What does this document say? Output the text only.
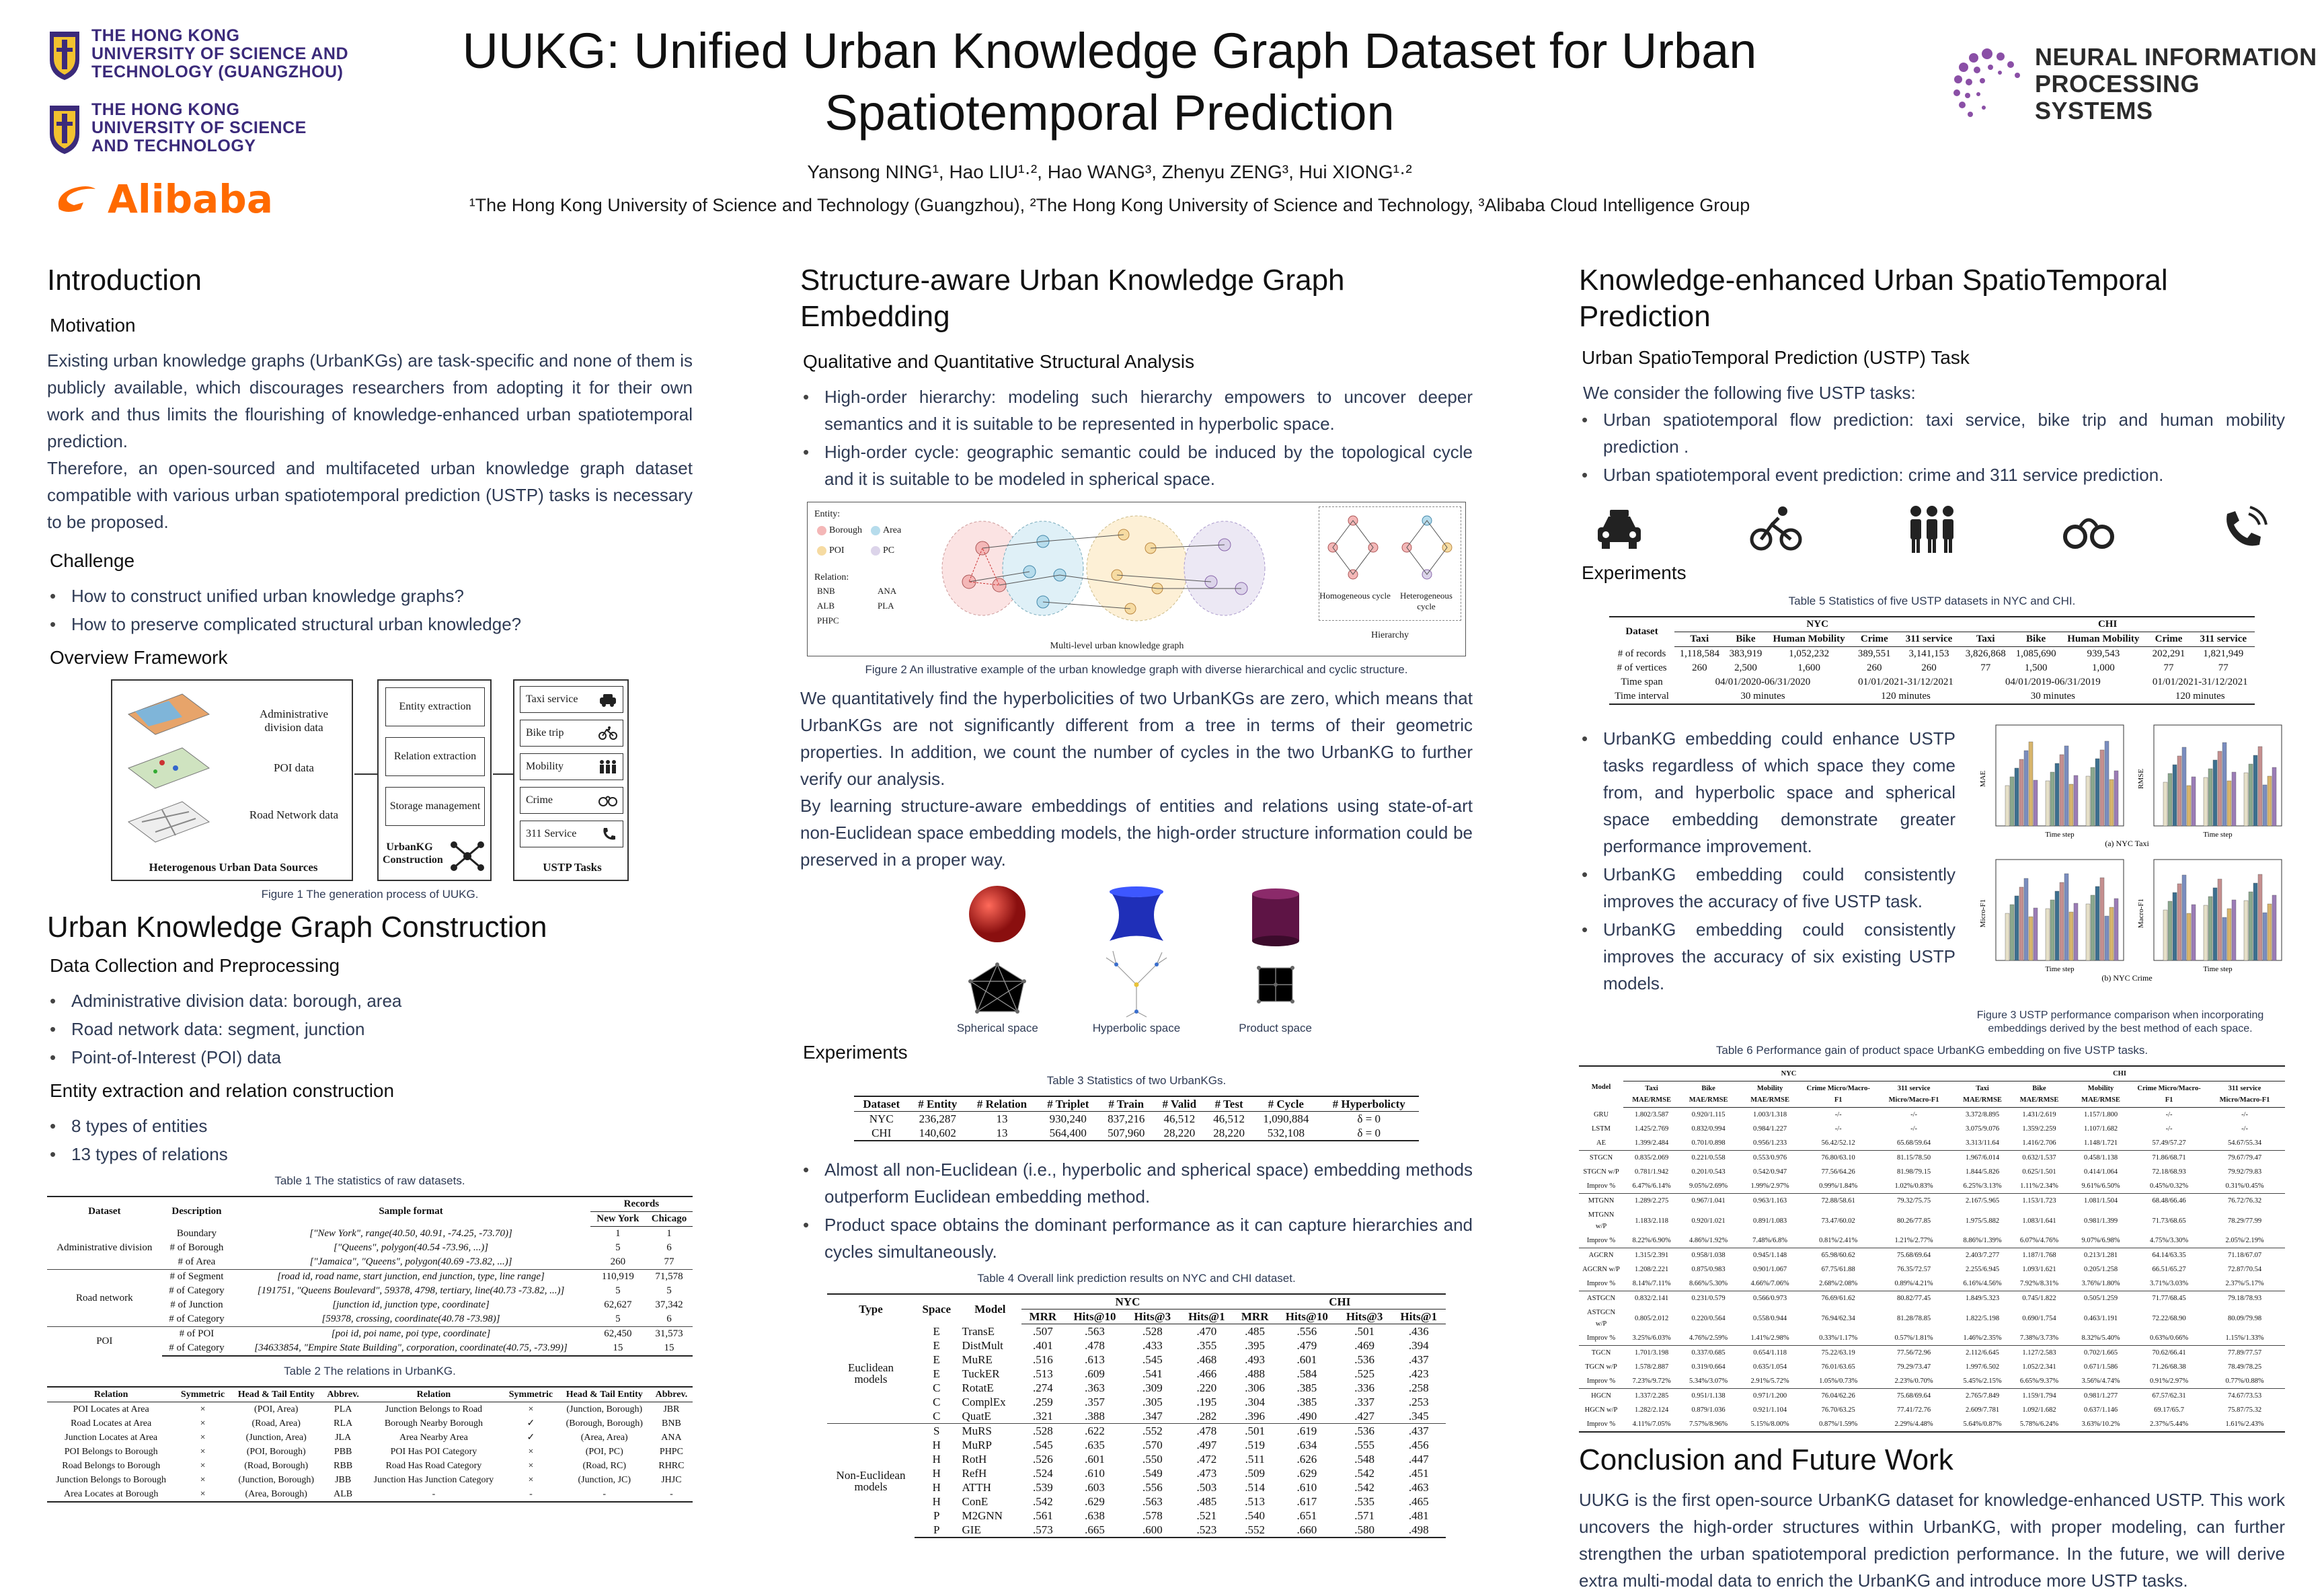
THE HONG KONG
UNIVERSITY OF SCIENCE AND
TECHNOLOGY (GUANGZHOU)
THE HONG KONG
UNIVERSITY OF SCIENCE
AND TECHNOLOGY
Alibaba
UUKG: Unified Urban Knowledge Graph Dataset for Urban
Spatiotemporal Prediction
Yansong NING¹, Hao LIU¹·², Hao WANG³, Zhenyu ZENG³, Hui XIONG¹·²
¹The Hong Kong University of Science and Technology (Guangzhou), ²The Hong Kong University of Science and Technology, ³Alibaba Cloud Intelligence Group
NEURAL INFORMATION
PROCESSING SYSTEMS
Introduction
Motivation

Existing urban knowledge graphs (UrbanKGs) are task-specific and none of them is publicly available, which discourages researchers from adopting it for their own work and thus limits the flourishing of knowledge-enhanced urban spatiotemporal prediction.

Therefore, an open-sourced and multifaceted urban knowledge graph dataset compatible with various urban spatiotemporal prediction (USTP) tasks is necessary to be proposed.

Challenge
• How to construct unified urban knowledge graphs?
• How to preserve complicated structural urban knowledge?
Overview Framework
Administrative division data
POI data
Road Network data
Heterogenous Urban Data Sources
Entity extraction
Relation extraction
Storage management
UrbanKG Construction
Taxi service
Bike trip
Mobility
Crime
311 Service
USTP Tasks
Figure 1 The generation process of UUKG.
Urban Knowledge Graph Construction
Data Collection and Preprocessing
• Administrative division data: borough, area
• Road network data: segment, junction
• Point-of-Interest (POI) data
Entity extraction and relation construction
• 8 types of entities
• 13 types of relations
Table 1 The statistics of raw datasets.
Dataset	Description	Sample format	Records	
			New York	Chicago
Administrative division	Boundary	["New York", range(40.50, 40.91, -74.25, -73.70)]	1	1
	# of Borough	["Queens", polygon(40.54 -73.96, ...)]	5	6
	# of Area	["Jamaica", "Queens", polygon(40.69 -73.82, ...)]	260	77
Road network	# of Segment	[road id, road name, start junction, end junction, type, line range]	110,919	71,578
	# of Category	[191751, "Queens Boulevard", 59378, 4798, tertiary, line(40.73 -73.82, ...)]	5	5
	# of Junction	[junction id, junction type, coordinate]	62,627	37,342
	# of Category	[59378, crossing, coordinate(40.78 -73.98)]	5	6
POI	# of POI	[poi id, poi name, poi type, coordinate]	62,450	31,573
	# of Category	[34633854, "Empire State Building", corporation, coordinate(40.75, -73.99)]	15	15
Table 2 The relations in UrbanKG.
Relation	Symmetric	Head & Tail Entity	Abbrev.	Relation	Symmetric	Head & Tail Entity	Abbrev.
POI Locates at Area	×	(POI, Area)	PLA	Junction Belongs to Road	×	(Junction, Borough)	JBR
Road Locates at Area	×	(Road, Area)	RLA	Borough Nearby Borough	✓	(Borough, Borough)	BNB
Junction Locates at Area	×	(Junction, Area)	JLA	Area Nearby Area	✓	(Area, Area)	ANA
POI Belongs to Borough	×	(POI, Borough)	PBB	POI Has POI Category	×	(POI, PC)	PHPC
Road Belongs to Borough	×	(Road, Borough)	RBB	Road Has Road Category	×	(Road, RC)	RHRC
Junction Belongs to Borough	×	(Junction, Borough)	JBB	Junction Has Junction Category	×	(Junction, JC)	JHJC
Area Locates at Borough	×	(Area, Borough)	ALB	-	-	-	-
Structure-aware Urban Knowledge Graph Embedding
Qualitative and Quantitative Structural Analysis
• High-order hierarchy: modeling such hierarchy empowers to uncover deeper semantics and it is suitable to be represented in hyperbolic space.
• High-order cycle: geographic semantic could be induced by the topological cycle and it is suitable to be modeled in spherical space.
Entity:
Borough	Area
POI	PC
Relation:
BNB	ANA
ALB	PLA
PHPC
Multi-level urban knowledge graph
Homogeneous cycle	Heterogeneous cycle
Hierarchy
Figure 2 An illustrative example of the urban knowledge graph with diverse hierarchical and cyclic structure.

We quantitatively find the hyperbolicities of two UrbanKGs are zero, which means that UrbanKGs are not significantly different from a tree in terms of their geometric properties. In addition, we count the number of cycles in the two UrbanKG to further verify our analysis.

By learning structure-aware embeddings of entities and relations using state-of-art non-Euclidean space embedding models, the high-order structure information could be preserved in a proper way.

Spherical space	Hyperbolic space	Product space
Experiments
Table 3 Statistics of two UrbanKGs.
Dataset	# Entity	# Relation	# Triplet	# Train	# Valid	# Test	# Cycle	# Hyperbolicty
NYC	236,287	13	930,240	837,216	46,512	46,512	1,090,884	δ = 0
CHI	140,602	13	564,400	507,960	28,220	28,220	532,108	δ = 0
• Almost all non-Euclidean (i.e., hyperbolic and spherical space) embedding methods outperform Euclidean embedding method.
• Product space obtains the dominant performance as it can capture hierarchies and cycles simultaneously.
Table 4 Overall link prediction results on NYC and CHI dataset.
Type	Space	Model	NYC				CHI			
			MRR	Hits@10	Hits@3	Hits@1	MRR	Hits@10	Hits@3	Hits@1
Euclidean models	E	TransE	.507	.563	.528	.470	.485	.556	.501	.436
	E	DistMult	.401	.478	.433	.355	.395	.479	.469	.394
	E	MuRE	.516	.613	.545	.468	.493	.601	.536	.437
	E	TuckER	.513	.609	.541	.466	.488	.584	.525	.423
	C	RotatE	.274	.363	.309	.220	.306	.385	.336	.258
	C	ComplEx	.259	.357	.305	.195	.304	.385	.337	.253
	C	QuatE	.321	.388	.347	.282	.396	.490	.427	.345
Non-Euclidean models	S	MuRS	.528	.622	.552	.478	.501	.619	.536	.437
	H	MuRP	.545	.635	.570	.497	.519	.634	.555	.456
	H	RotH	.526	.601	.550	.472	.511	.626	.548	.447
	H	RefH	.524	.610	.549	.473	.509	.629	.542	.451
	H	ATTH	.539	.603	.556	.503	.514	.610	.542	.463
	H	ConE	.542	.629	.563	.485	.513	.617	.535	.465
	P	M2GNN	.561	.638	.578	.521	.540	.651	.571	.481
	P	GIE	.573	.665	.600	.523	.552	.660	.580	.498
Knowledge-enhanced Urban SpatioTemporal
Prediction
Urban SpatioTemporal Prediction (USTP) Task

We consider the following five USTP tasks:

• Urban spatiotemporal flow prediction: taxi service, bike trip and human mobility prediction .
• Urban spatiotemporal event prediction: crime and 311 service prediction.
Experiments
Table 5 Statistics of five USTP datasets in NYC and CHI.
Dataset	NYC					CHI				
	Taxi	Bike	Human Mobility	Crime	311 service	Taxi	Bike	Human Mobility	Crime	311 service
# of records	1,118,584	383,919	1,052,232	389,551	3,141,153	3,826,868	1,085,690	939,543	202,291	1,821,949
# of vertices	260	2,500	1,600	260	260	77	1,500	1,000	77	77
Time span	04/01/2020-06/31/2020			01/01/2021-31/12/2021		04/01/2019-06/31/2019			01/01/2021-31/12/2021	
Time interval	30 minutes			120 minutes		30 minutes			120 minutes	
• UrbanKG embedding could enhance USTP tasks regardless of which space they come from, and hyperbolic space and spherical space embedding demonstrate greater performance improvement.
• UrbanKG embedding could consistently improves the accuracy of five USTP task.
• UrbanKG embedding could consistently improves the accuracy of six existing USTP models.
MAE
Time step
RMSE
Time step
Micro-F1
Time step
Macro-F1
Time step
(a) NYC Taxi
(b) NYC Crime
Figure 3 USTP performance comparison when incorporating embeddings derived by the best method of each space.
Table 6 Performance gain of product space UrbanKG embedding on five USTP tasks.
Model	NYC					CHI				
	Taxi MAE/RMSE	Bike MAE/RMSE	Mobility MAE/RMSE	Crime Micro/Macro-F1	311 service Micro/Macro-F1	Taxi MAE/RMSE	Bike MAE/RMSE	Mobility MAE/RMSE	Crime Micro/Macro-F1	311 service Micro/Macro-F1
GRU	1.802/3.587	0.920/1.115	1.003/1.318	-/-	-/-	3.372/8.895	1.431/2.619	1.157/1.800	-/-	-/-
LSTM	1.425/2.769	0.832/0.994	0.984/1.227	-/-	-/-	3.075/9.076	1.359/2.259	1.107/1.682	-/-	-/-
AE	1.399/2.484	0.701/0.898	0.956/1.233	56.42/52.12	65.68/59.64	3.313/11.64	1.416/2.706	1.148/1.721	57.49/57.27	54.67/55.34
STGCN	0.835/2.069	0.221/0.558	0.553/0.976	76.80/63.10	81.15/78.50	1.967/6.014	0.632/1.537	0.458/1.138	71.86/68.71	79.67/79.47
STGCN w/P	0.781/1.942	0.201/0.543	0.542/0.947	77.56/64.26	81.98/79.15	1.844/5.826	0.625/1.501	0.414/1.064	72.18/68.93	79.92/79.83
Improv %	6.47%/6.14%	9.05%/2.69%	1.99%/2.97%	0.99%/1.84%	1.02%/0.83%	6.25%/3.13%	1.11%/2.34%	9.61%/6.50%	0.45%/0.32%	0.31%/0.45%
MTGNN	1.289/2.275	0.967/1.041	0.963/1.163	72.88/58.61	79.32/75.75	2.167/5.965	1.153/1.723	1.081/1.504	68.48/66.46	76.72/76.32
MTGNN w/P	1.183/2.118	0.920/1.021	0.891/1.083	73.47/60.02	80.26/77.85	1.975/5.882	1.083/1.641	0.981/1.399	71.73/68.65	78.29/77.99
Improv %	8.22%/6.90%	4.86%/1.92%	7.48%/6.8%	0.81%/2.41%	1.21%/2.77%	8.86%/1.39%	6.07%/4.76%	9.07%/6.98%	4.75%/3.30%	2.05%/2.19%
AGCRN	1.315/2.391	0.958/1.038	0.945/1.148	65.98/60.62	75.68/69.64	2.403/7.277	1.187/1.768	0.213/1.281	64.14/63.35	71.18/67.07
AGCRN w/P	1.208/2.221	0.875/0.983	0.901/1.067	67.75/61.88	76.35/72.57	2.255/6.945	1.093/1.621	0.205/1.258	66.51/65.27	72.87/70.54
Improv %	8.14%/7.11%	8.66%/5.30%	4.66%/7.06%	2.68%/2.08%	0.89%/4.21%	6.16%/4.56%	7.92%/8.31%	3.76%/1.80%	3.71%/3.03%	2.37%/5.17%
ASTGCN	0.832/2.141	0.231/0.579	0.566/0.973	76.69/61.62	80.82/77.45	1.849/5.323	0.745/1.822	0.505/1.259	71.77/68.45	79.18/78.93
ASTGCN w/P	0.805/2.012	0.220/0.564	0.558/0.944	76.94/62.34	81.28/78.85	1.822/5.198	0.690/1.754	0.463/1.191	72.22/68.90	80.09/79.98
Improv %	3.25%/6.03%	4.76%/2.59%	1.41%/2.98%	0.33%/1.17%	0.57%/1.81%	1.46%/2.35%	7.38%/3.73%	8.32%/5.40%	0.63%/0.66%	1.15%/1.33%
TGCN	1.701/3.198	0.337/0.685	0.654/1.118	75.22/63.19	77.56/72.96	2.112/6.645	1.127/2.583	0.702/1.665	70.62/66.41	77.89/77.57
TGCN w/P	1.578/2.887	0.319/0.664	0.635/1.054	76.01/63.65	79.29/73.47	1.997/6.502	1.052/2.341	0.671/1.586	71.26/68.38	78.49/78.25
Improv %	7.23%/9.72%	5.34%/3.07%	2.91%/5.72%	1.05%/0.73%	2.23%/0.70%	5.45%/2.15%	6.65%/9.37%	3.56%/4.74%	0.91%/2.97%	0.77%/0.88%
HGCN	1.337/2.285	0.951/1.138	0.971/1.200	76.04/62.26	75.68/69.64	2.765/7.849	1.159/1.794	0.981/1.277	67.57/62.31	74.67/73.53
HGCN w/P	1.282/2.124	0.879/1.036	0.921/1.104	76.70/63.25	77.41/72.76	2.609/7.781	1.092/1.682	0.637/1.146	69.17/65.7	75.87/75.32
Improv %	4.11%/7.05%	7.57%/8.96%	5.15%/8.00%	0.87%/1.59%	2.29%/4.48%	5.64%/0.87%	5.78%/6.24%	3.63%/10.2%	2.37%/5.44%	1.61%/2.43%
Conclusion and Future Work

UUKG is the first open-source UrbanKG dataset for knowledge-enhanced USTP. This work uncovers the high-order structures within UrbanKG, with proper modeling, can further strengthen the urban spatiotemporal prediction performance. In the future, we will derive extra multi-modal data to enrich the UrbanKG and introduce more USTP tasks.
